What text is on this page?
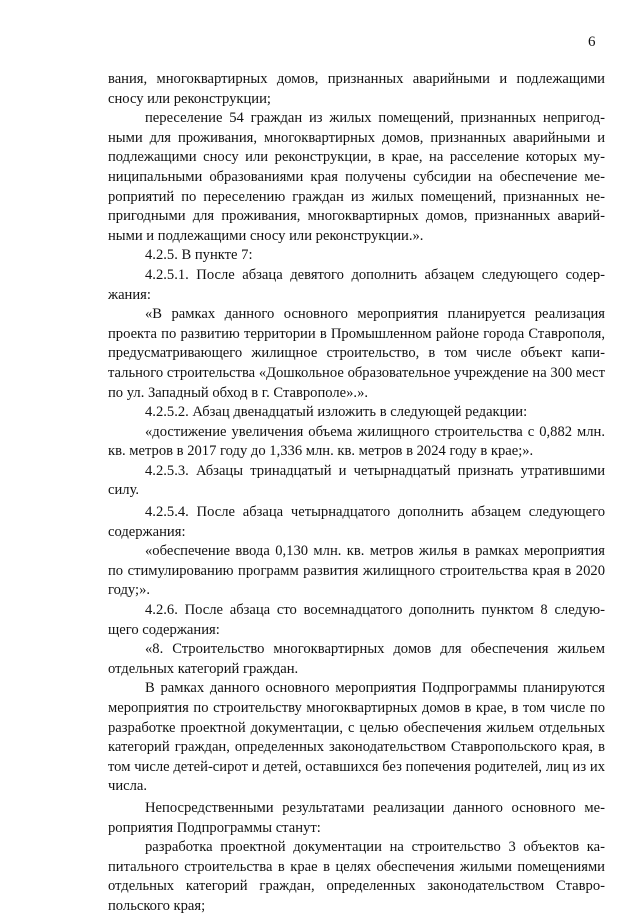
6

вания, многоквартирных домов, признанных аварийными и подлежащими сносу или реконструкции;

переселение 54 граждан из жилых помещений, признанных непригодными для проживания, многоквартирных домов, признанных аварийными и подлежащими сносу или реконструкции, в крае, на расселение которых муниципальными образованиями края получены субсидии на обеспечение мероприятий по переселению граждан из жилых помещений, признанных непригодными для проживания, многоквартирных домов, признанных аварийными и подлежащими сносу или реконструкции.».

4.2.5. В пункте 7:

4.2.5.1. После абзаца девятого дополнить абзацем следующего содержания:

«В рамках данного основного мероприятия планируется реализация проекта по развитию территории в Промышленном районе города Ставрополя, предусматривающего жилищное строительство, в том числе объект капитального строительства «Дошкольное образовательное учреждение на 300 мест по ул. Западный обход в г. Ставрополе».».

4.2.5.2. Абзац двенадцатый изложить в следующей редакции:

«достижение увеличения объема жилищного строительства с 0,882 млн. кв. метров в 2017 году до 1,336 млн. кв. метров в 2024 году в крае;».

4.2.5.3. Абзацы тринадцатый и четырнадцатый признать утратившими силу.

4.2.5.4. После абзаца четырнадцатого дополнить абзацем следующего содержания:

«обеспечение ввода 0,130 млн. кв. метров жилья в рамках мероприятия по стимулированию программ развития жилищного строительства края в 2020 году;».

4.2.6. После абзаца сто восемнадцатого дополнить пунктом 8 следующего содержания:

«8. Строительство многоквартирных домов для обеспечения жильем отдельных категорий граждан.

В рамках данного основного мероприятия Подпрограммы планируются мероприятия по строительству многоквартирных домов в крае, в том числе по разработке проектной документации, с целью обеспечения жильем отдельных категорий граждан, определенных законодательством Ставропольского края, в том числе детей-сирот и детей, оставшихся без попечения родителей, лиц из их числа.

Непосредственными результатами реализации данного основного мероприятия Подпрограммы станут:

разработка проектной документации на строительство 3 объектов капитального строительства в крае в целях обеспечения жилыми помещениями отдельных категорий граждан, определенных законодательством Ставропольского края;
